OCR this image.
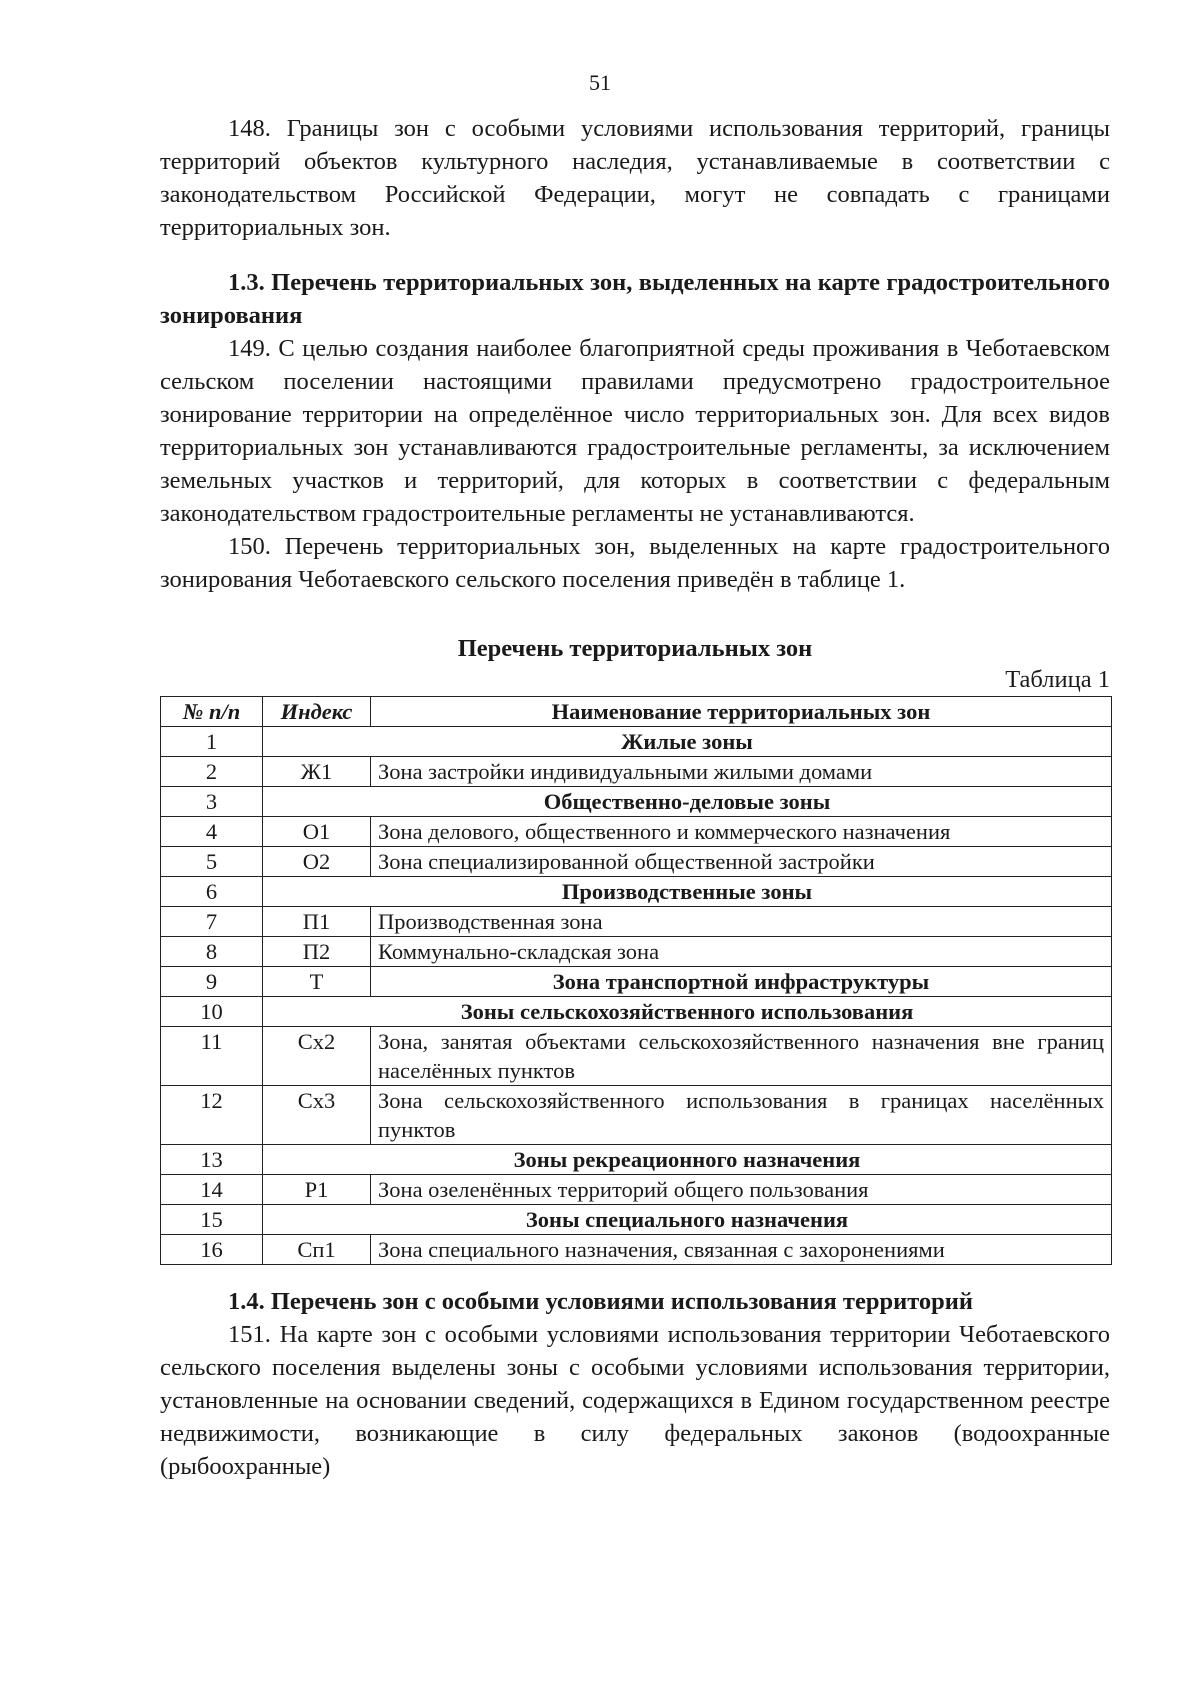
51

148. Границы зон с особыми условиями использования территорий, границы территорий объектов культурного наследия, устанавливаемые в соответствии с законодательством Российской Федерации, могут не совпадать с границами территориальных зон.

1.3. Перечень территориальных зон, выделенных на карте градостроительного зонирования

149. С целью создания наиболее благоприятной среды проживания в Чеботаевском сельском поселении настоящими правилами предусмотрено градостроительное зонирование территории на определённое число территориальных зон. Для всех видов территориальных зон устанавливаются градостроительные регламенты, за исключением земельных участков и территорий, для которых в соответствии с федеральным законодательством градостроительные регламенты не устанавливаются.

150. Перечень территориальных зон, выделенных на карте градостроительного зонирования Чеботаевского сельского поселения приведён в таблице 1.

Перечень территориальных зон
Таблица 1
№ п/п	Индекс	Наименование территориальных зон
1	Жилые зоны	
2	Ж1	Зона застройки индивидуальными жилыми домами
3	Общественно-деловые зоны	
4	О1	Зона делового, общественного и коммерческого назначения
5	О2	Зона специализированной общественной застройки
6	Производственные зоны	
7	П1	Производственная зона
8	П2	Коммунально-складская зона
9	Т	Зона транспортной инфраструктуры
10	Зоны сельскохозяйственного использования	
11	Сх2	Зона, занятая объектами сельскохозяйственного назначения вне границ населённых пунктов
12	Сх3	Зона сельскохозяйственного использования в границах населённых пунктов
13	Зоны рекреационного назначения	
14	Р1	Зона озеленённых территорий общего пользования
15	Зоны специального назначения	
16	Сп1	Зона специального назначения, связанная с захоронениями
1.4. Перечень зон с особыми условиями использования территорий

151. На карте зон с особыми условиями использования территории Чеботаевского сельского поселения выделены зоны с особыми условиями использования территории, установленные на основании сведений, содержащихся в Едином государственном реестре недвижимости, возникающие в силу федеральных законов (водоохранные (рыбоохранные)
